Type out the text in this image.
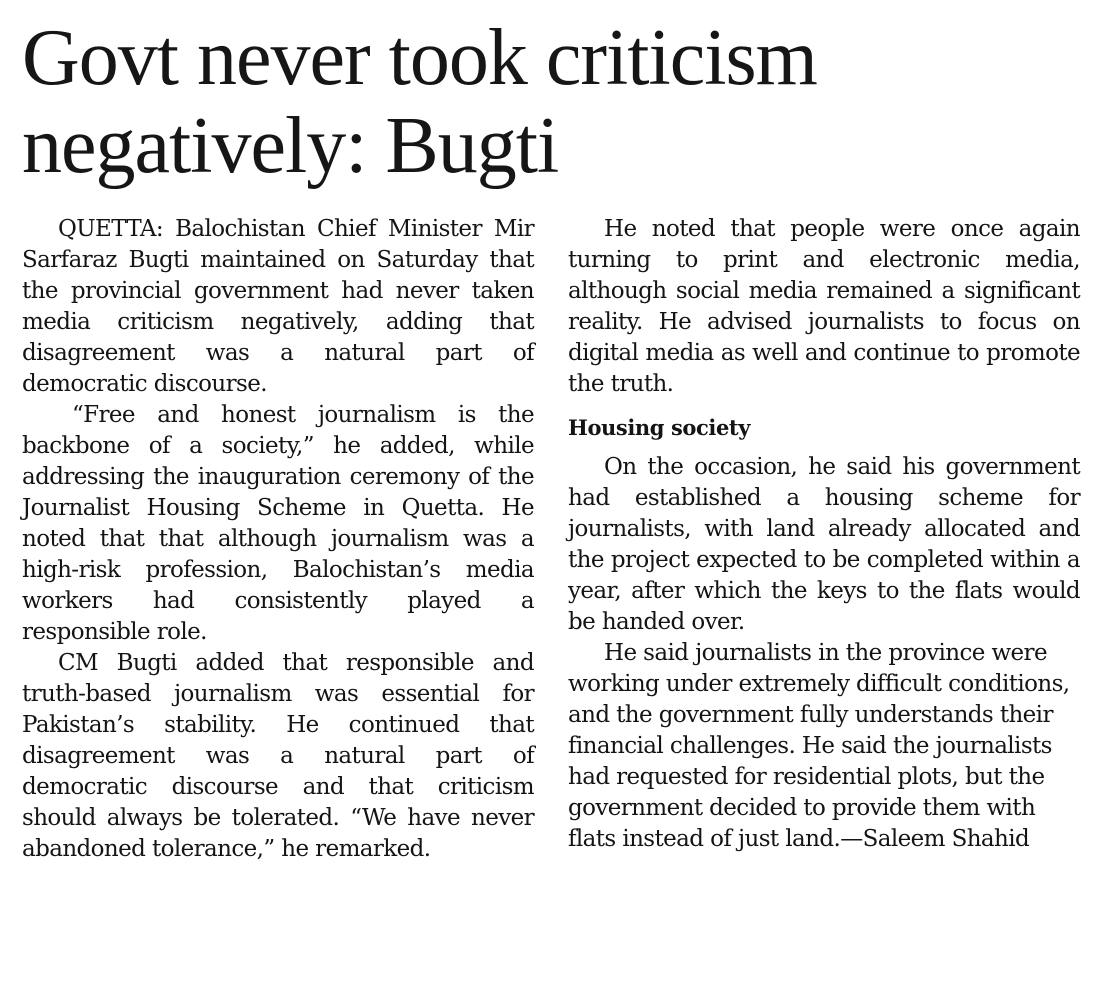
Govt never took criticism negatively: Bugti

QUETTA: Balochistan Chief Minister Mir Sarfaraz Bugti maintained on Saturday that the provincial government had never taken media criticism negatively, adding that disagreement was a natural part of democratic discourse.

“Free and honest journalism is the backbone of a society,” he added, while addressing the inauguration ceremony of the Journalist Housing Scheme in Quetta. He noted that that although journalism was a high-risk profession, Balochistan’s media workers had consistently played a responsible role.

CM Bugti added that responsible and truth-based journalism was essential for Pakistan’s stability. He continued that disagreement was a natural part of democratic discourse and that criticism should always be tolerated. “We have never abandoned tolerance,” he remarked.

He noted that people were once again turning to print and electronic media, although social media remained a significant reality. He advised journalists to focus on digital media as well and continue to promote the truth.

Housing society

On the occasion, he said his government had established a housing scheme for journalists, with land already allocated and the project expected to be completed within a year, after which the keys to the flats would be handed over.

He said journalists in the province were working under extremely difficult conditions, and the government fully understands their financial challenges. He said the journalists had requested for residential plots, but the government decided to provide them with flats instead of just land.—Saleem Shahid
